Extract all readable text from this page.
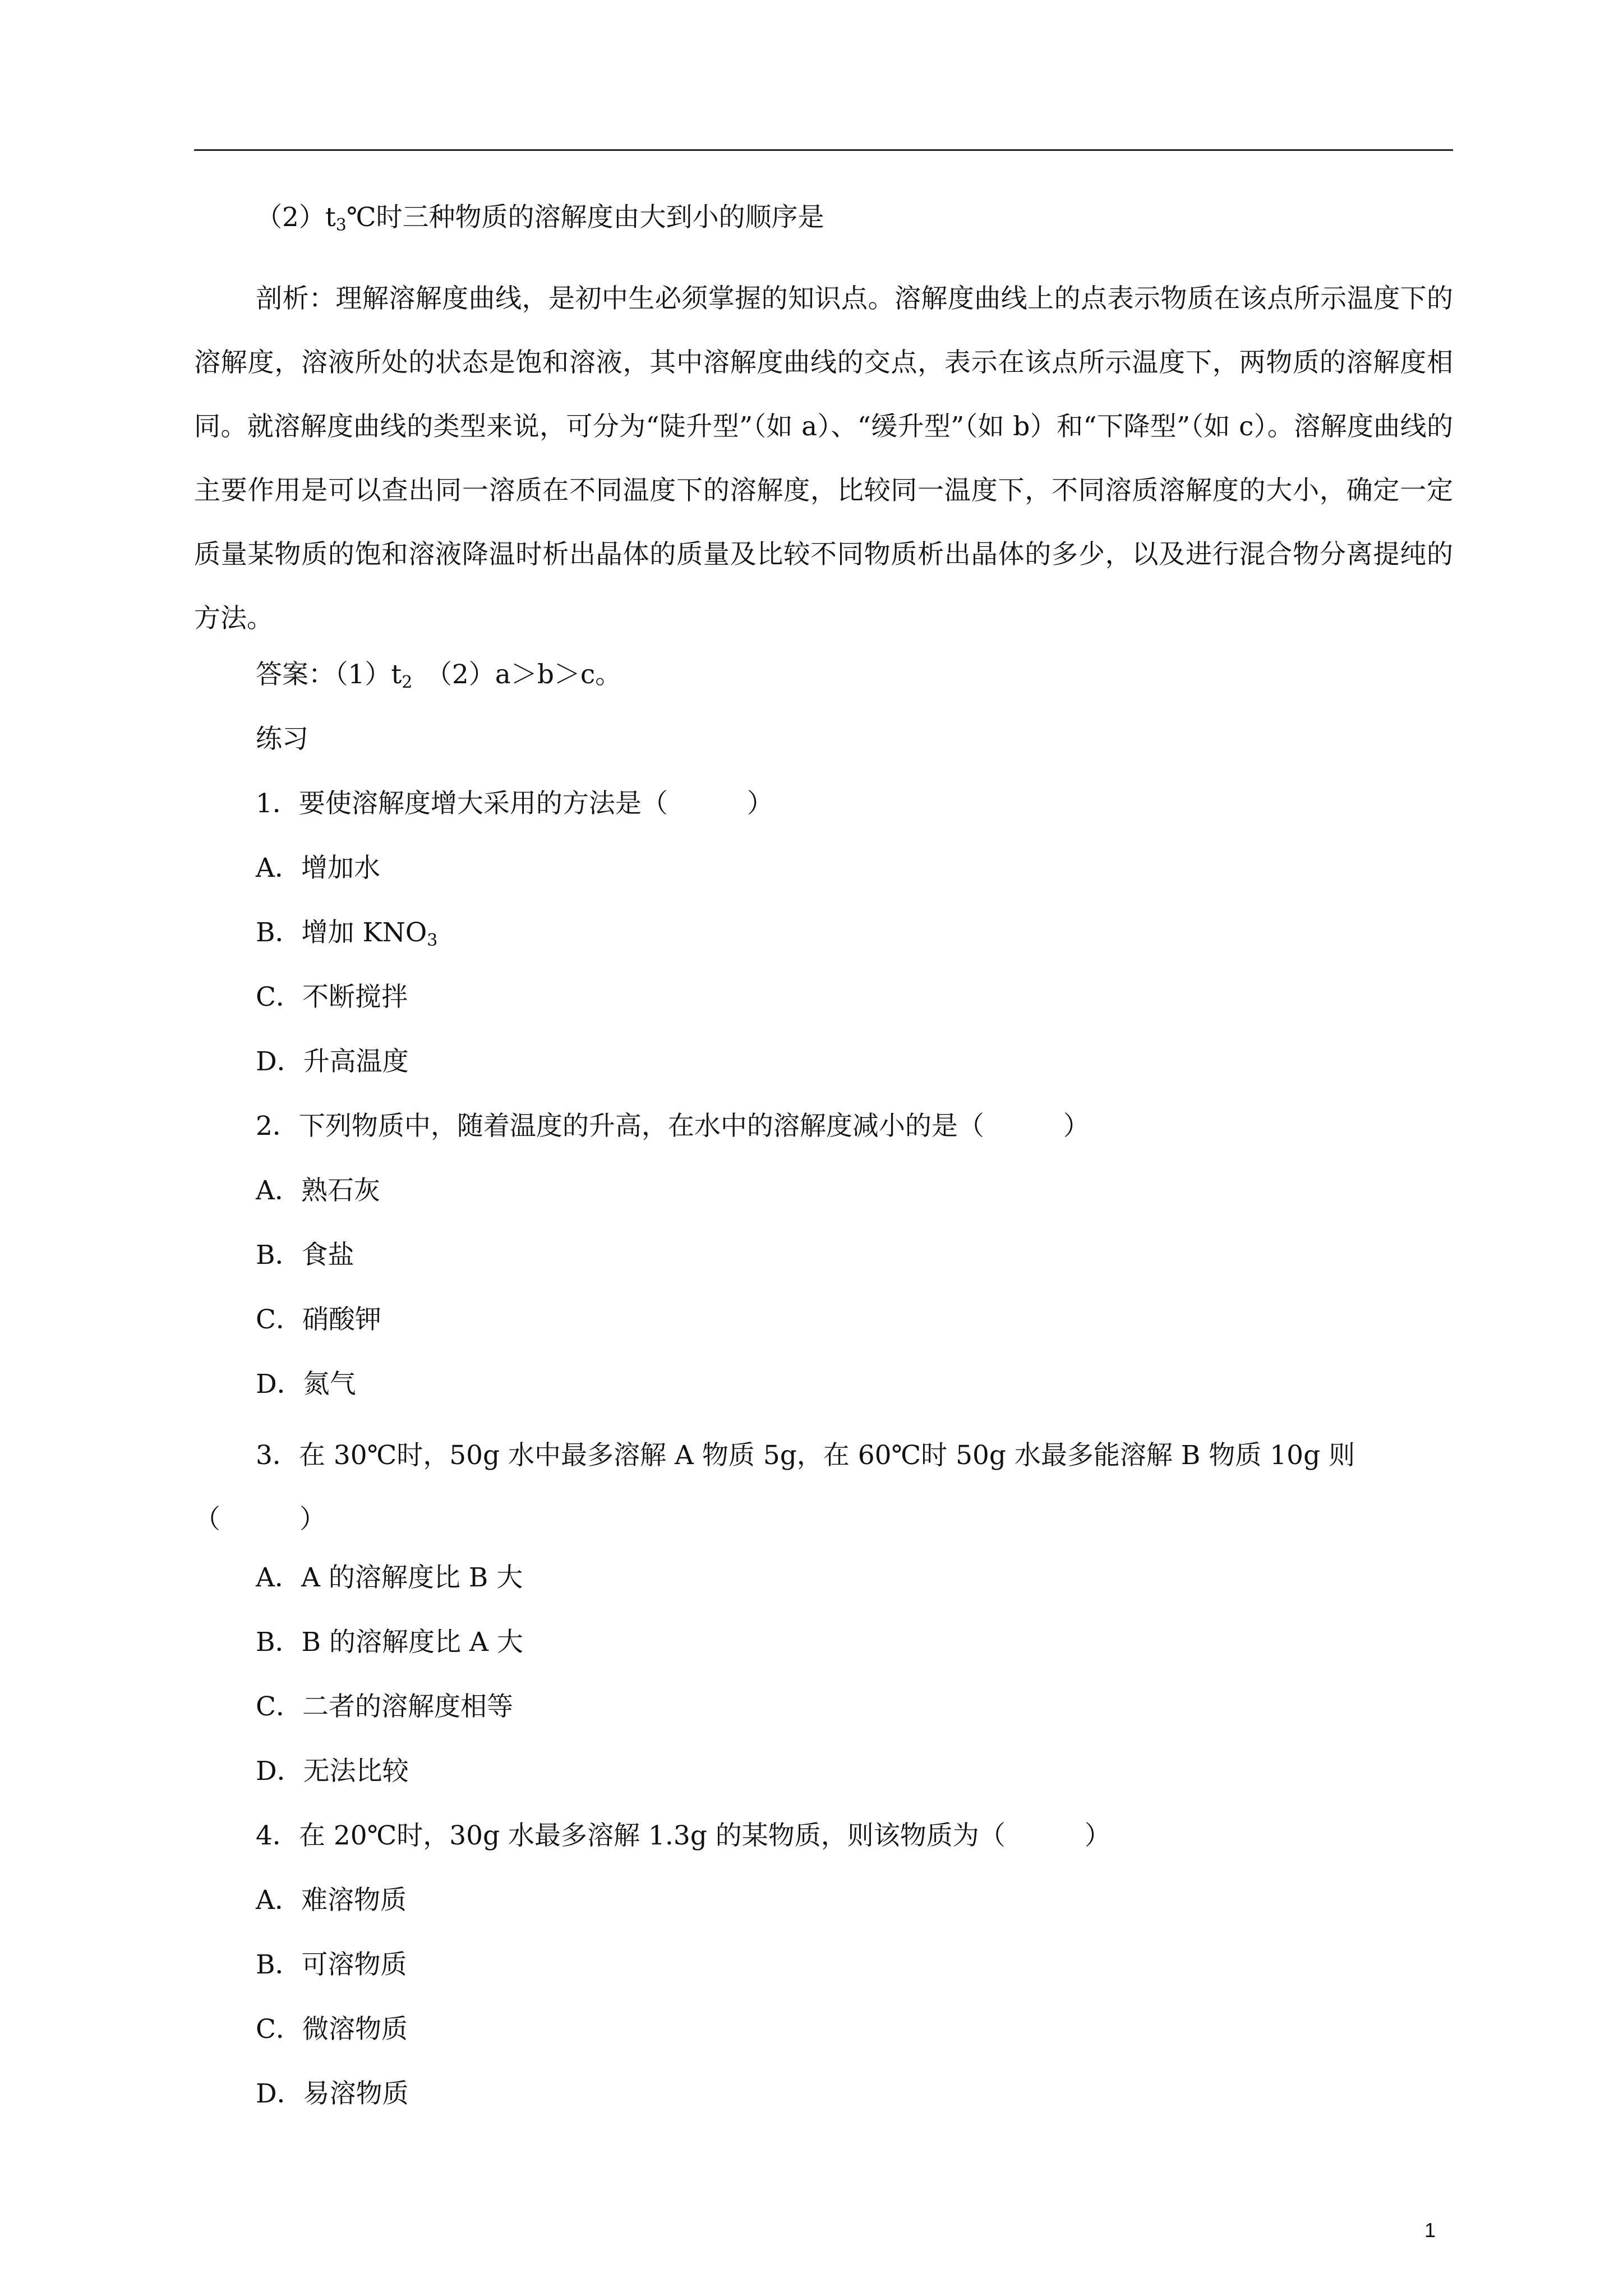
$(2)t_3℃$时三种物质的溶解度由大到小的顺序是
剖析：理解溶解度曲线，是初中生必须掌握的知识点。溶解度曲线上的点表示物质在该点所示温度下的溶解度，溶液所处的状态是饱和溶液，其中溶解度曲线的交点，表示在该点所示温度下，两物质的溶解度相同。就溶解度曲线的类型来说，可分为“陡升型”（如 a）、“缓升型”（如 b）和“下降型”（如 c）。溶解度曲线的主要作用是可以查出同一溶质在不同温度下的溶解度，比较同一温度下，不同溶质溶解度的大小，确定一定质量某物质的饱和溶液降温时析出晶体的质量及比较不同物质析出晶体的多少，以及进行混合物分离提纯的方法。
答案：$(1)t_2$　（2）a＞b＞c。
练习
1．要使溶解度增大采用的方法是（　　　）
A．增加水
B．增加 $KNO_3$
C．不断搅拌
D．升高温度
2．下列物质中，随着温度的升高，在水中的溶解度减小的是（　　　）
A．熟石灰
B．食盐
C．硝酸钾
D．氮气
3．在 30℃时，50g 水中最多溶解 A 物质 5g，在 60℃时 50g 水最多能溶解 B 物质 10g 则（　　　）
A．A 的溶解度比 B 大
B．B 的溶解度比 A 大
C．二者的溶解度相等
D．无法比较
4．在 20℃时，30g 水最多溶解 1.3g 的某物质，则该物质为（　　　）
A．难溶物质
B．可溶物质
C．微溶物质
D．易溶物质
1
